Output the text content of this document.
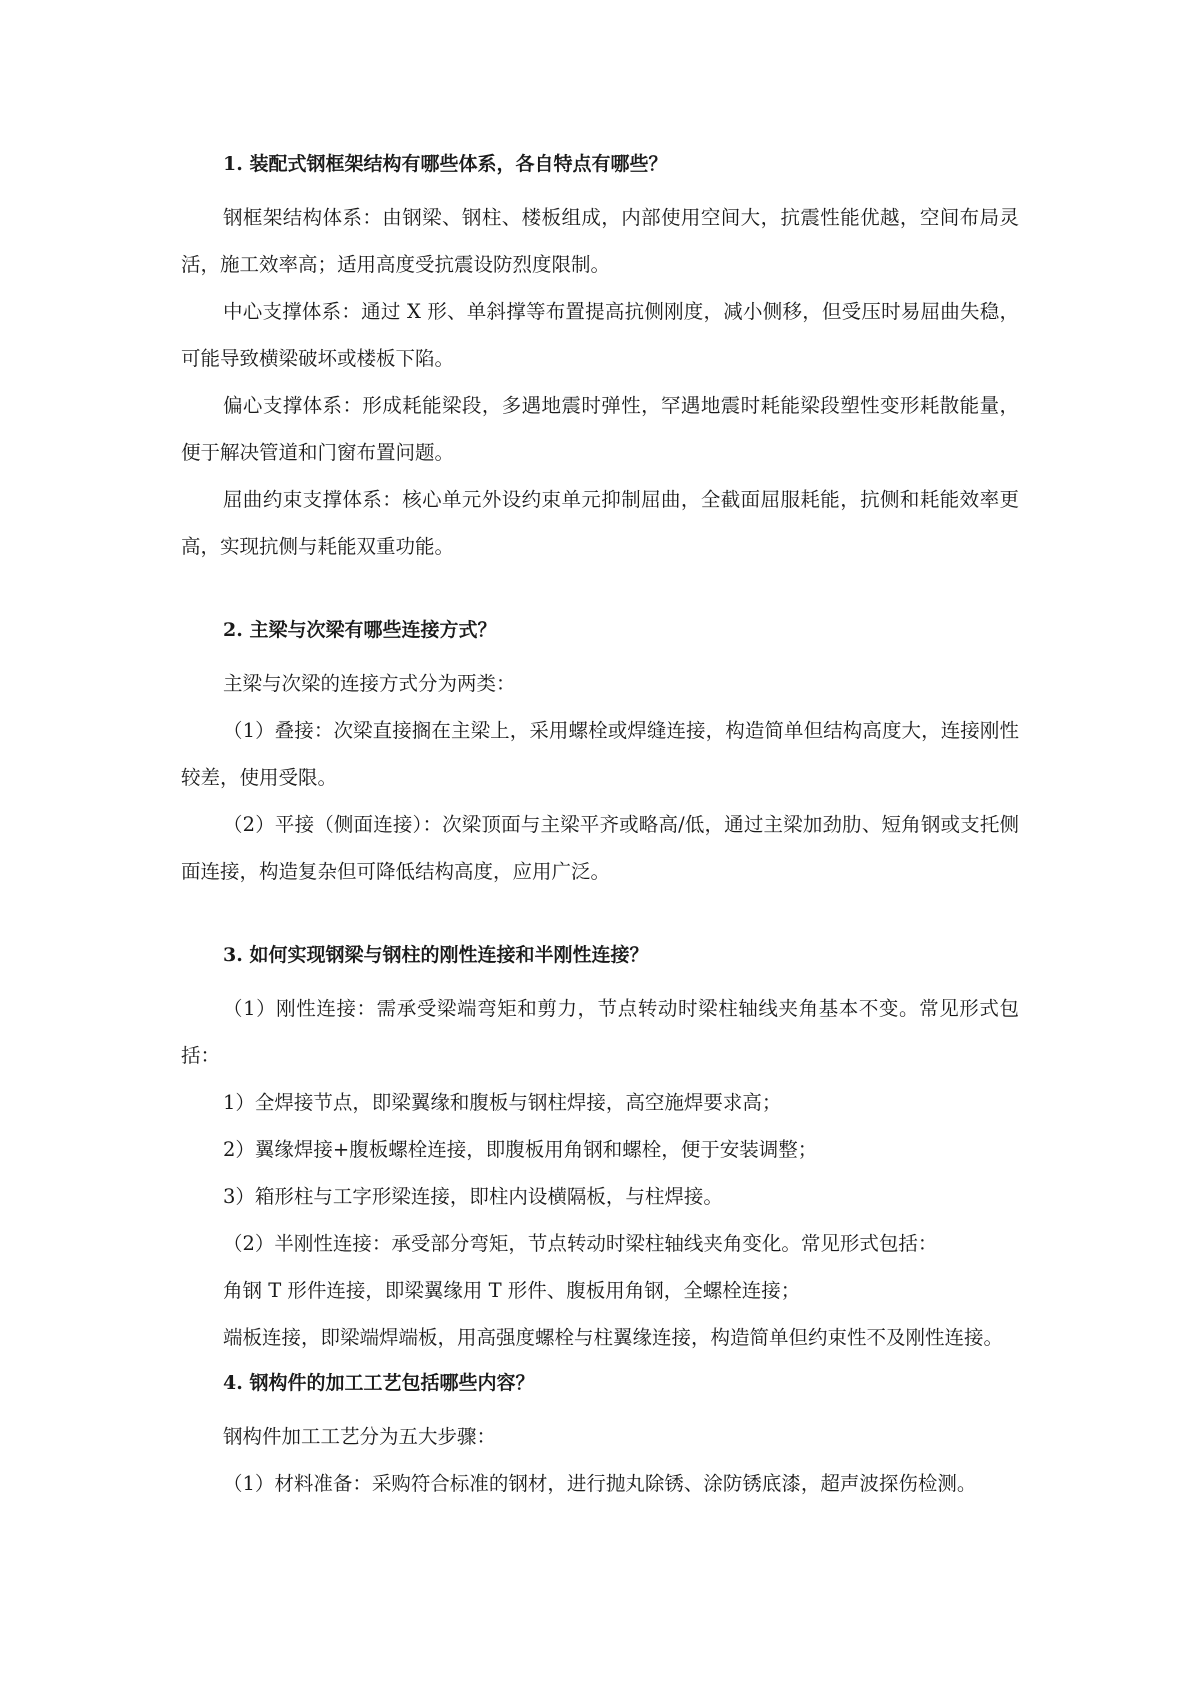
1. 装配式钢框架结构有哪些体系，各自特点有哪些？

钢框架结构体系：由钢梁、钢柱、楼板组成，内部使用空间大，抗震性能优越，空间布局灵活，施工效率高；适用高度受抗震设防烈度限制。

中心支撑体系：通过 X 形、单斜撑等布置提高抗侧刚度，减小侧移，但受压时易屈曲失稳，可能导致横梁破坏或楼板下陷。

偏心支撑体系：形成耗能梁段，多遇地震时弹性，罕遇地震时耗能梁段塑性变形耗散能量，便于解决管道和门窗布置问题。

屈曲约束支撑体系：核心单元外设约束单元抑制屈曲，全截面屈服耗能，抗侧和耗能效率更高，实现抗侧与耗能双重功能。

2. 主梁与次梁有哪些连接方式？

主梁与次梁的连接方式分为两类：

（1）叠接：次梁直接搁在主梁上，采用螺栓或焊缝连接，构造简单但结构高度大，连接刚性较差，使用受限。

（2）平接（侧面连接）：次梁顶面与主梁平齐或略高/低，通过主梁加劲肋、短角钢或支托侧面连接，构造复杂但可降低结构高度，应用广泛。

3. 如何实现钢梁与钢柱的刚性连接和半刚性连接？

（1）刚性连接：需承受梁端弯矩和剪力，节点转动时梁柱轴线夹角基本不变。常见形式包括：

1）全焊接节点，即梁翼缘和腹板与钢柱焊接，高空施焊要求高；

2）翼缘焊接+腹板螺栓连接，即腹板用角钢和螺栓，便于安装调整；

3）箱形柱与工字形梁连接，即柱内设横隔板，与柱焊接。

（2）半刚性连接：承受部分弯矩，节点转动时梁柱轴线夹角变化。常见形式包括：

角钢 T 形件连接，即梁翼缘用 T 形件、腹板用角钢，全螺栓连接；

端板连接，即梁端焊端板，用高强度螺栓与柱翼缘连接，构造简单但约束性不及刚性连接。

4. 钢构件的加工工艺包括哪些内容？

钢构件加工工艺分为五大步骤：

（1）材料准备：采购符合标准的钢材，进行抛丸除锈、涂防锈底漆，超声波探伤检测。
